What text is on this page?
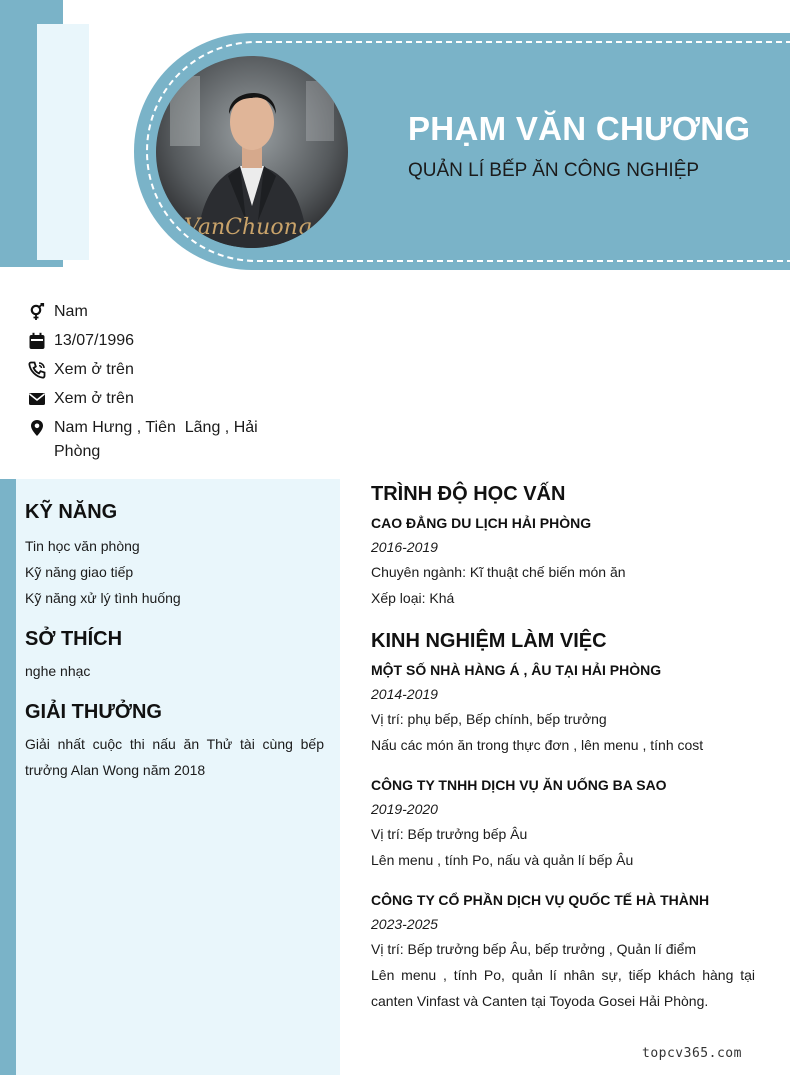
VanChuong
PHẠM VĂN CHƯƠNG
QUẢN LÍ BẾP ĂN CÔNG NGHIỆP
Nam
13/07/1996
Xem ở trên
Xem ở trên
Nam Hưng , Tiên  Lãng , Hải
Phòng
KỸ NĂNG
Tin học văn phòng
Kỹ năng giao tiếp
Kỹ năng xử lý tình huống
SỞ THÍCH
nghe nhạc
GIẢI THƯỞNG
Giải nhất cuộc thi nấu ăn Thử tài cùng bếp trưởng Alan Wong năm 2018
TRÌNH ĐỘ HỌC VẤN
CAO ĐẲNG DU LỊCH HẢI PHÒNG
2016-2019
Chuyên ngành: Kĩ thuật chế biến món ăn
Xếp loại: Khá
KINH NGHIỆM LÀM VIỆC
MỘT SỐ NHÀ HÀNG Á , ÂU TẠI HẢI PHÒNG
2014-2019
Vị trí: phụ bếp, Bếp chính, bếp trưởng
Nấu các món ăn trong thực đơn , lên menu , tính cost
CÔNG TY TNHH DỊCH VỤ ĂN UỐNG BA SAO
2019-2020
Vị trí: Bếp trưởng bếp Âu
Lên menu , tính Po, nấu và quản lí bếp Âu
CÔNG TY CỔ PHẦN DỊCH VỤ QUỐC TẾ HÀ THÀNH
2023-2025
Vị trí: Bếp trưởng bếp Âu, bếp trưởng , Quản lí điểm
Lên menu , tính Po, quản lí nhân sự, tiếp khách hàng tại canten Vinfast và Canten tại Toyoda Gosei Hải Phòng.
topcv365.com
